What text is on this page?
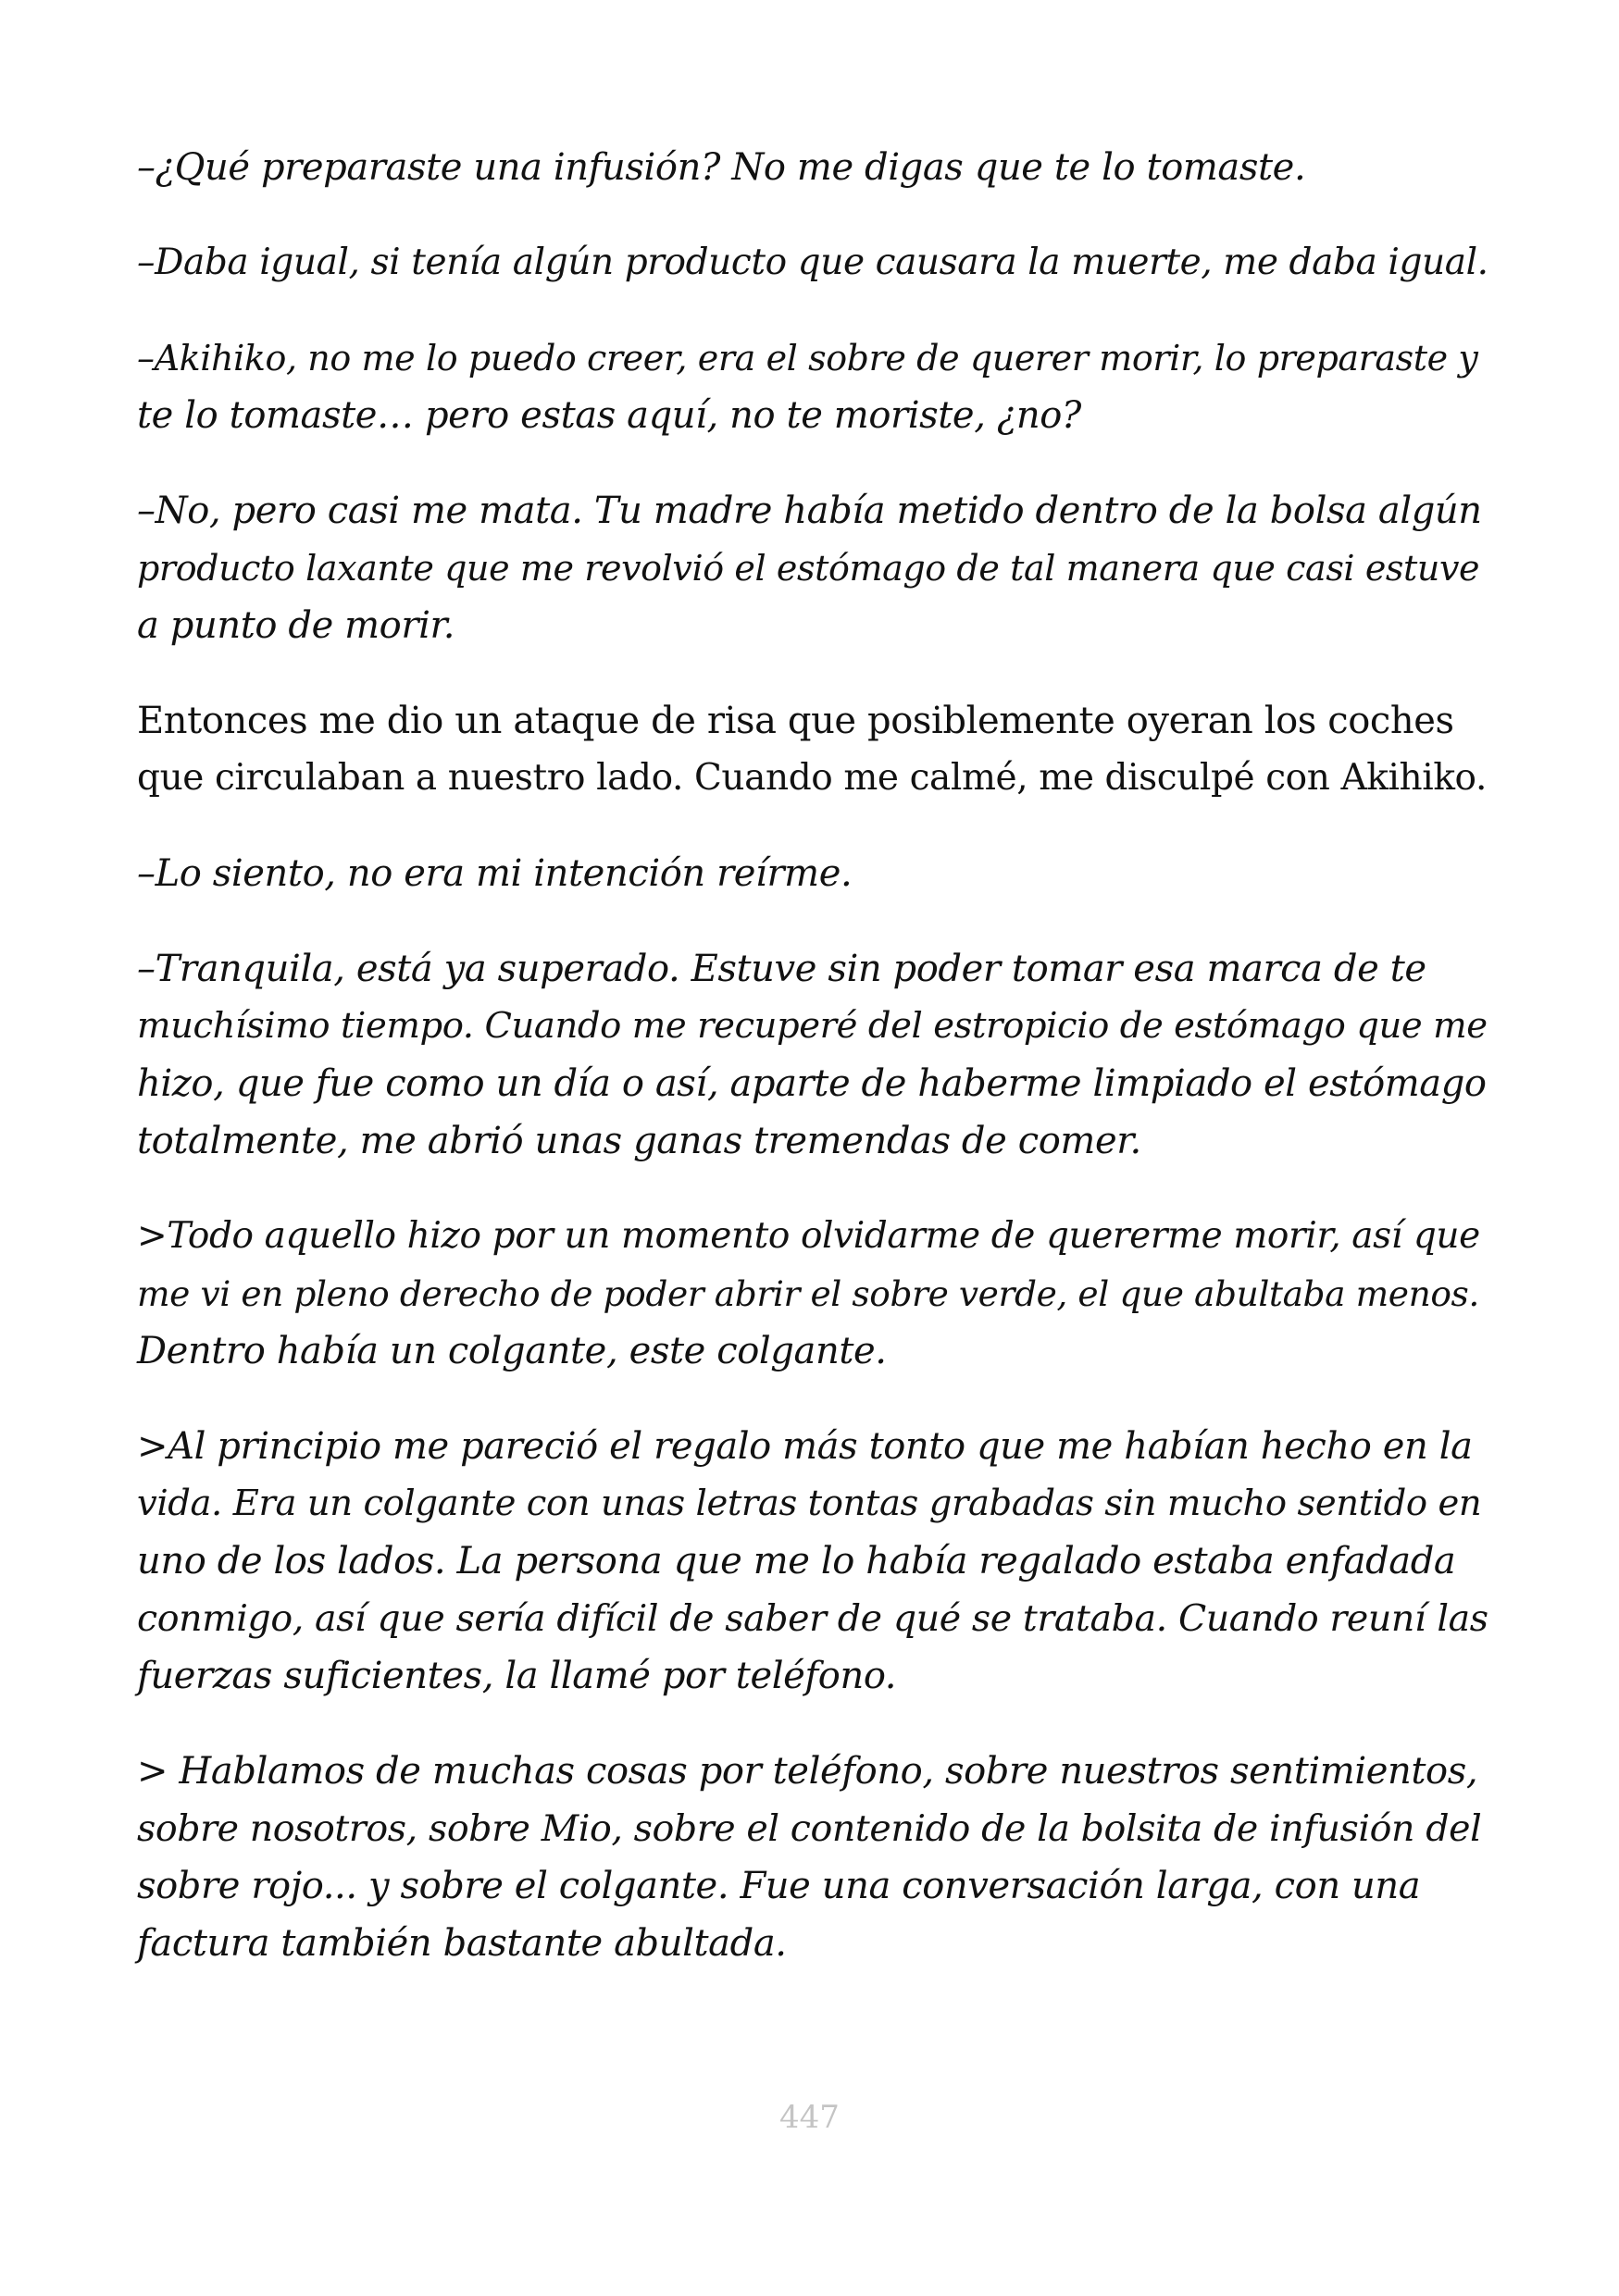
–¿Qué preparaste una infusión? No me digas que te lo tomaste.

–Daba igual, si tenía algún producto que causara la muerte, me daba igual.

–Akihiko, no me lo puedo creer, era el sobre de querer morir, lo preparaste y
te lo tomaste… pero estas aquí, no te moriste, ¿no?

–No, pero casi me mata. Tu madre había metido dentro de la bolsa algún
producto laxante que me revolvió el estómago de tal manera que casi estuve
a punto de morir.

Entonces me dio un ataque de risa que posiblemente oyeran los coches
que circulaban a nuestro lado. Cuando me calmé, me disculpé con Akihiko.

–Lo siento, no era mi intención reírme.

–Tranquila, está ya superado. Estuve sin poder tomar esa marca de te
muchísimo tiempo. Cuando me recuperé del estropicio de estómago que me
hizo, que fue como un día o así, aparte de haberme limpiado el estómago
totalmente, me abrió unas ganas tremendas de comer.

>Todo aquello hizo por un momento olvidarme de quererme morir, así que
me vi en pleno derecho de poder abrir el sobre verde, el que abultaba menos.
Dentro había un colgante, este colgante.

>Al principio me pareció el regalo más tonto que me habían hecho en la
vida. Era un colgante con unas letras tontas grabadas sin mucho sentido en
uno de los lados. La persona que me lo había regalado estaba enfadada
conmigo, así que sería difícil de saber de qué se trataba. Cuando reuní las
fuerzas suficientes, la llamé por teléfono.

> Hablamos de muchas cosas por teléfono, sobre nuestros sentimientos,
sobre nosotros, sobre Mio, sobre el contenido de la bolsita de infusión del
sobre rojo... y sobre el colgante. Fue una conversación larga, con una
factura también bastante abultada.

447
